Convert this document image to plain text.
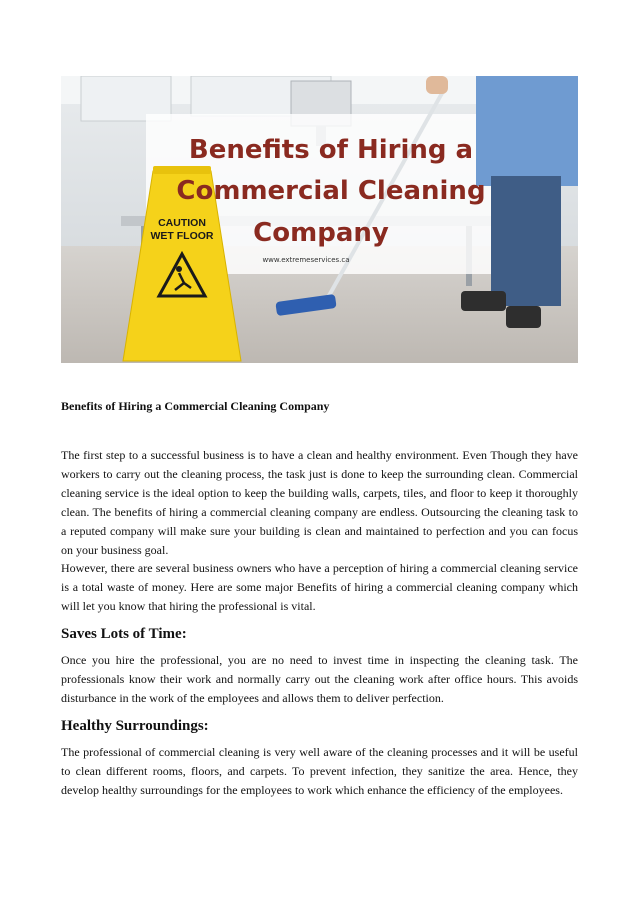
CAUTION
WET FLOOR
Benefits of Hiring a
Commercial Cleaning
Company
www.extremeservices.ca

Benefits of Hiring a Commercial Cleaning Company

The first step to a successful business is to have a clean and healthy environment. Even Though they have workers to carry out the cleaning process, the task just is done to keep the surrounding clean. Commercial cleaning service is the ideal option to keep the building walls, carpets, tiles, and floor to keep it thoroughly clean. The benefits of hiring a commercial cleaning company are endless. Outsourcing the cleaning task to a reputed company will make sure your building is clean and maintained to perfection and you can focus on your business goal.

However, there are several business owners who have a perception of hiring a commercial cleaning service is a total waste of money. Here are some major Benefits of hiring a commercial cleaning company which will let you know that hiring the professional is vital.

Saves Lots of Time:

Once you hire the professional, you are no need to invest time in inspecting the cleaning task. The professionals know their work and normally carry out the cleaning work after office hours. This avoids disturbance in the work of the employees and allows them to deliver perfection.

Healthy Surroundings:

The professional of commercial cleaning is very well aware of the cleaning processes and it will be useful to clean different rooms, floors, and carpets. To prevent infection, they sanitize the area. Hence, they develop healthy surroundings for the employees to work which enhance the efficiency of the employees.
